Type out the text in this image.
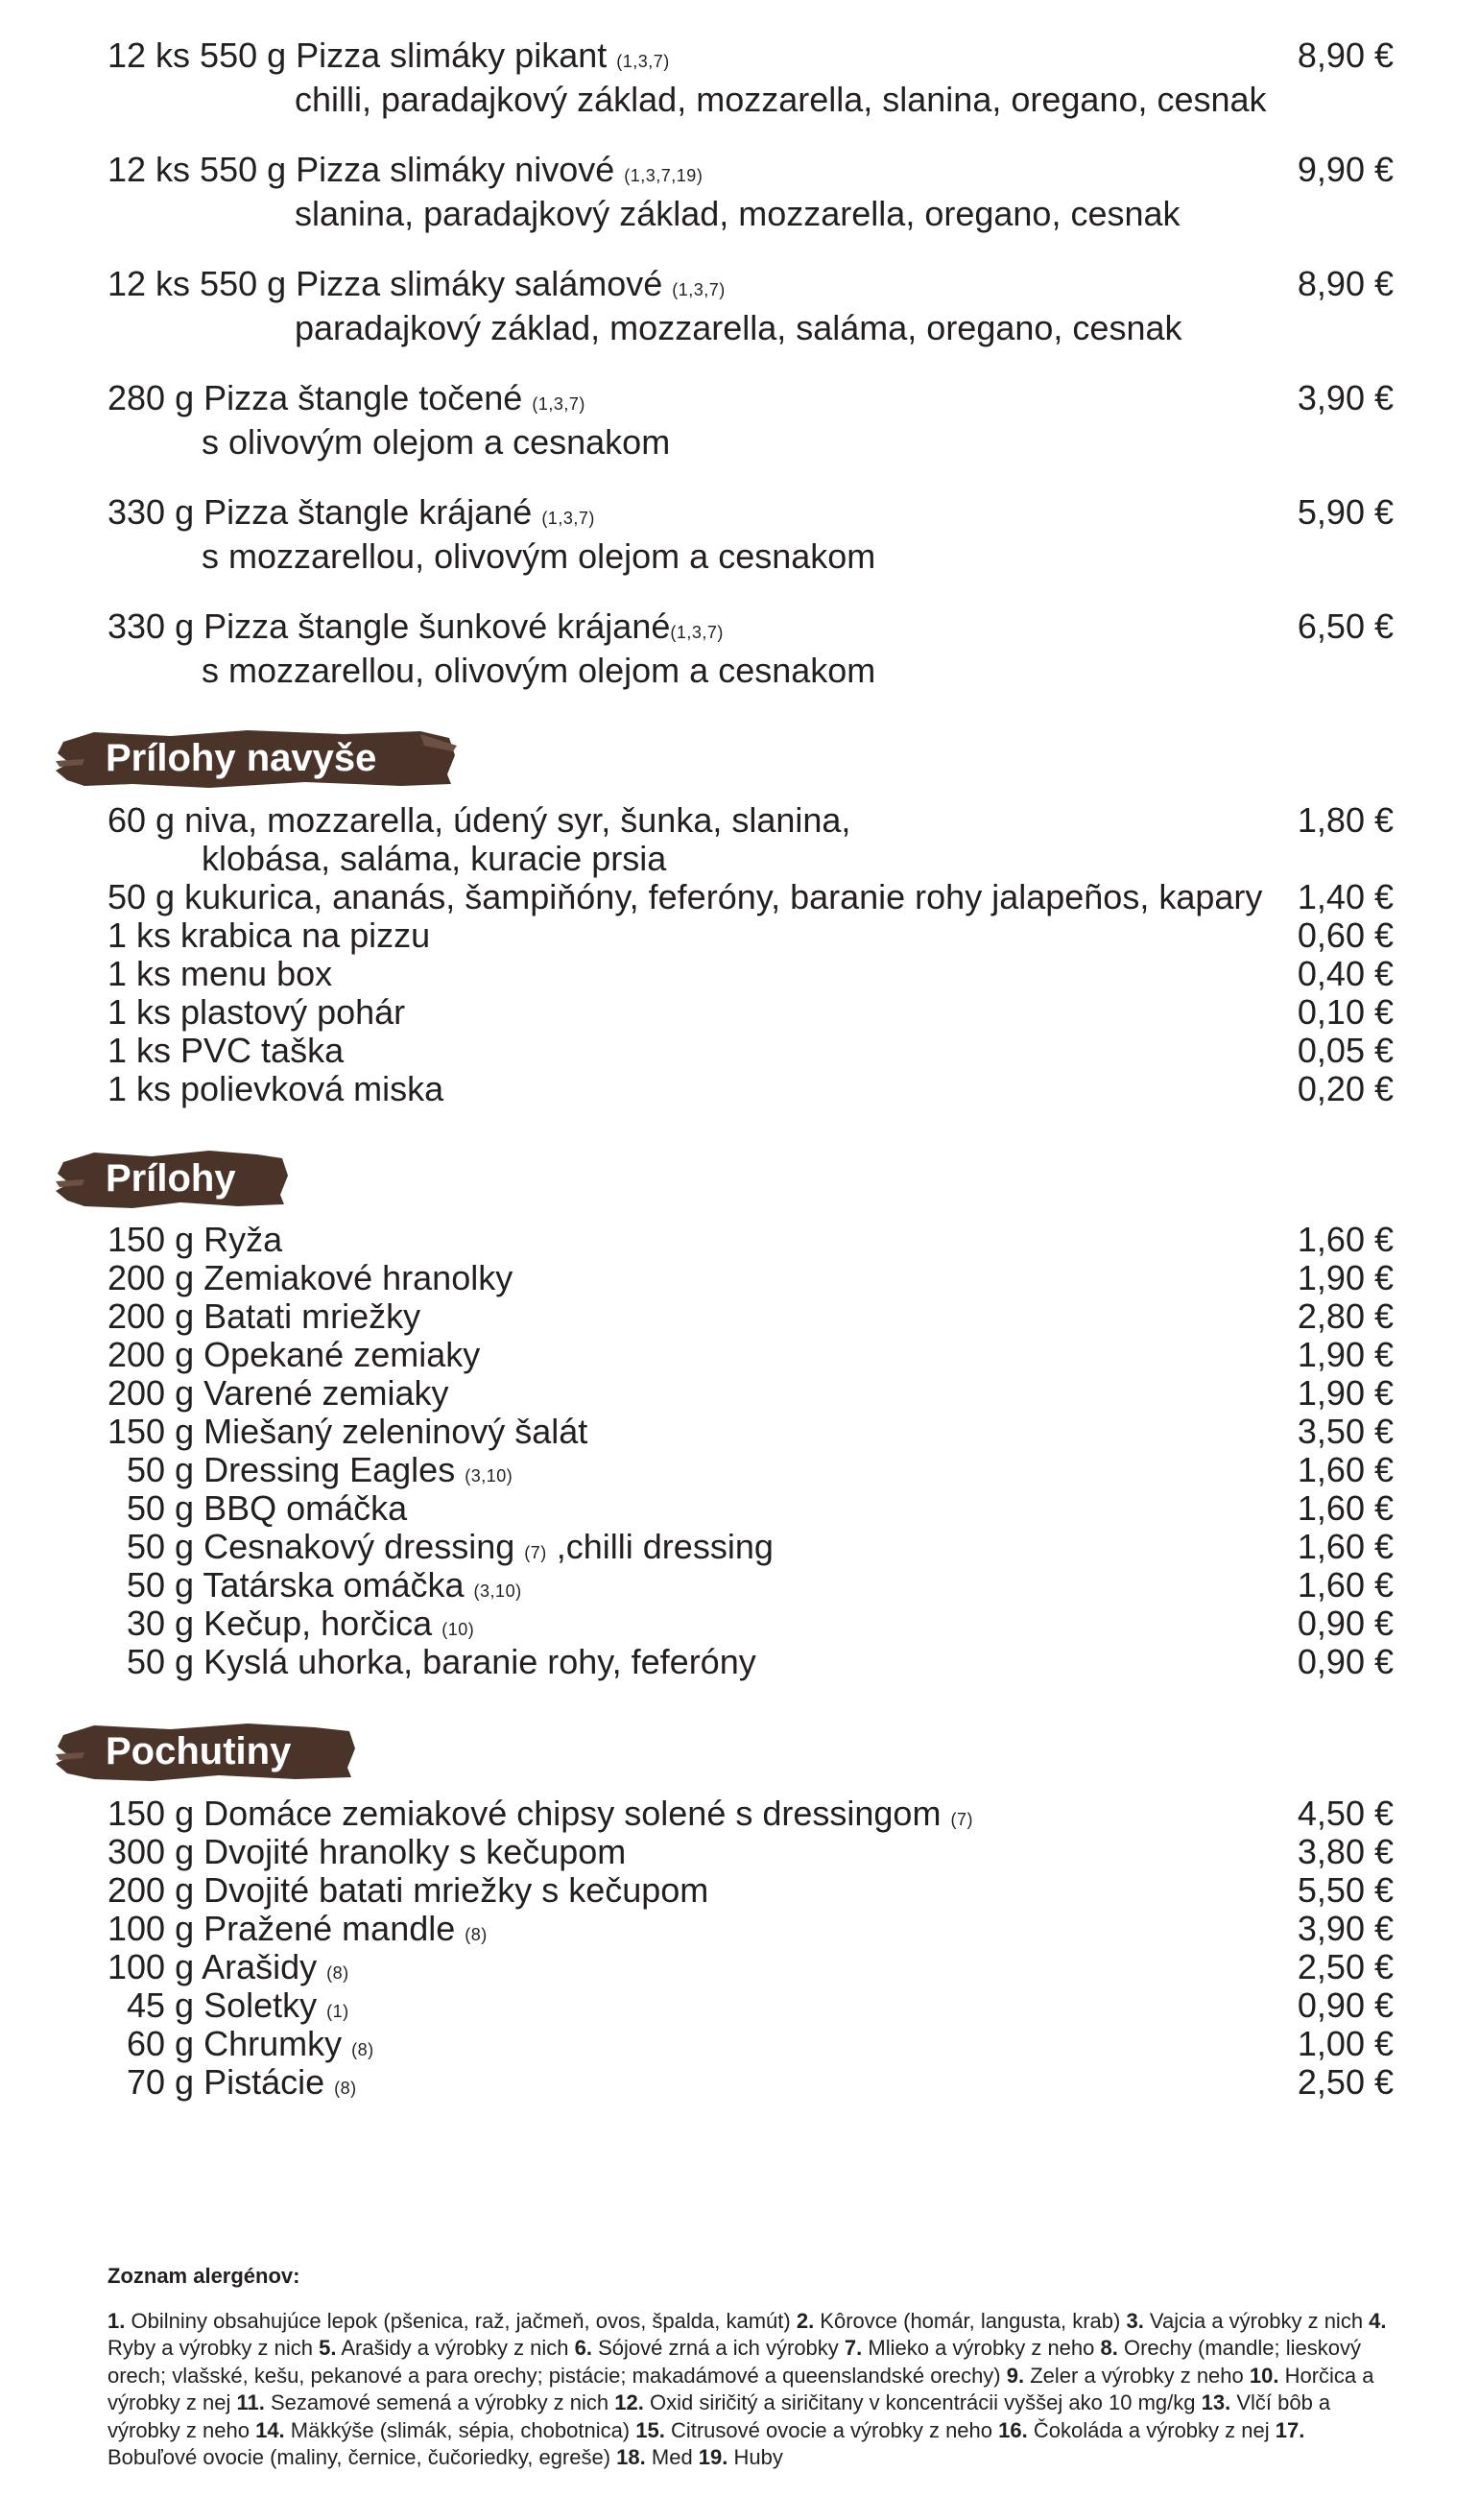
12 ks 550 g Pizza slimáky pikant (1,3,7)
chilli, paradajkový základ, mozzarella, slanina, oregano, cesnak
8,90 €
12 ks 550 g Pizza slimáky nivové (1,3,7,19)
slanina, paradajkový základ, mozzarella, oregano, cesnak
9,90 €
12 ks 550 g Pizza slimáky salámové (1,3,7)
paradajkový základ, mozzarella, saláma, oregano, cesnak
8,90 €
280 g Pizza štangle točené (1,3,7)
s olivovým olejom a cesnakom
3,90 €
330 g Pizza štangle krájané (1,3,7)
s mozzarellou, olivovým olejom a cesnakom
5,90 €
330 g Pizza štangle šunkové krájané(1,3,7)
s mozzarellou, olivovým olejom a cesnakom
6,50 €
Prílohy navyše
60 g niva, mozzarella, údený syr, šunka, slanina,
klobása, saláma, kuracie prsia
1,80 €
50 g kukurica, ananás, šampiňóny, feferóny, baranie rohy jalapeños, kapary 1,40 €
1 ks krabica na pizzu	0,60 €
1 ks menu box	0,40 €
1 ks plastový pohár	0,10 €
1 ks PVC taška	0,05 €
1 ks polievková miska	0,20 €
Prílohy
150 g Ryža	1,60 €
200 g Zemiakové hranolky	1,90 €
200 g Batati mriežky	2,80 €
200 g Opekané zemiaky	1,90 €
200 g Varené zemiaky	1,90 €
150 g Miešaný zeleninový šalát	3,50 €
50 g Dressing Eagles (3,10)	1,60 €
50 g BBQ omáčka	1,60 €
50 g Cesnakový dressing (7) ,chilli dressing	1,60 €
50 g Tatárska omáčka (3,10)	1,60 €
30 g Kečup, horčica (10)	0,90 €
50 g Kyslá uhorka, baranie rohy, feferóny	0,90 €
Pochutiny
150 g Domáce zemiakové chipsy solené s dressingom (7)	4,50 €
300 g Dvojité hranolky s kečupom	3,80 €
200 g Dvojité batati mriežky s kečupom	5,50 €
100 g Pražené mandle (8)	3,90 €
100 g Arašidy (8)	2,50 €
45 g Soletky (1)	0,90 €
60 g Chrumky (8)	1,00 €
70 g Pistácie (8)	2,50 €
Zoznam alergénov:
1. Obilniny obsahujúce lepok (pšenica, raž, jačmeň, ovos, špalda, kamút) 2. Kôrovce (homár, langusta, krab) 3. Vajcia a výrobky z nich 4. Ryby a výrobky z nich 5. Arašidy a výrobky z nich 6. Sójové zrná a ich výrobky 7. Mlieko a výrobky z neho 8. Orechy (mandle; lieskový orech; vlašské, kešu, pekanové a para orechy; pistácie; makadámové a queenslandské orechy) 9. Zeler a výrobky z neho 10. Horčica a výrobky z nej 11. Sezamové semená a výrobky z nich 12. Oxid siričitý a siričitany v koncentrácii vyššej ako 10 mg/kg 13. Vlčí bôb a výrobky z neho 14. Mäkkýše (slimák, sépia, chobotnica) 15. Citrusové ovocie a výrobky z neho 16. Čokoláda a výrobky z nej 17. Bobuľové ovocie (maliny, černice, čučoriedky, egreše) 18. Med 19. Huby
